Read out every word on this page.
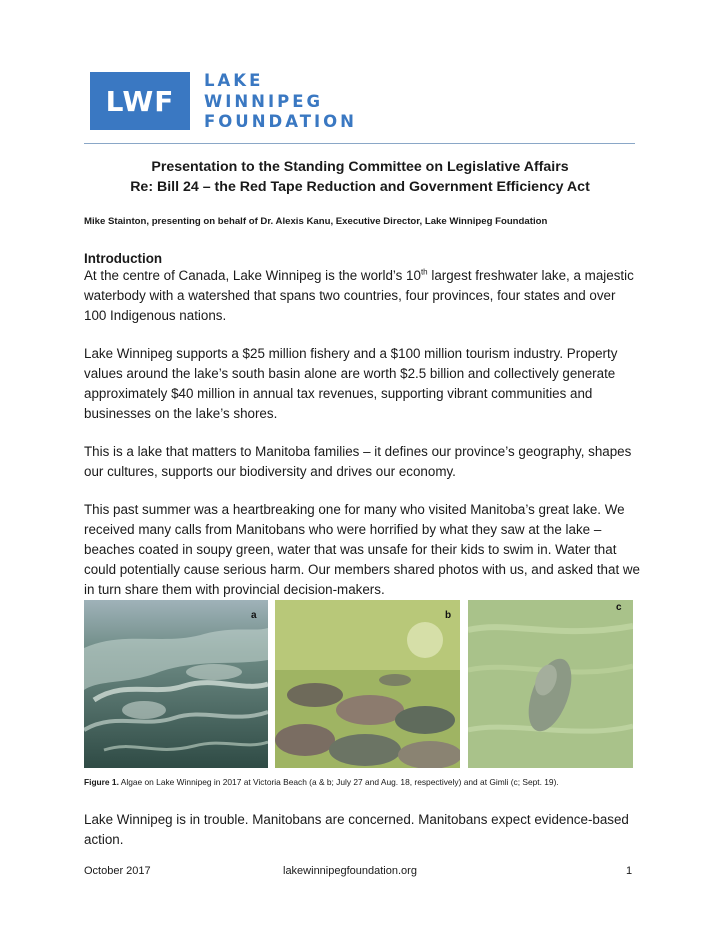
LWF
LAKE
WINNIPEG
FOUNDATION
Presentation to the Standing Committee on Legislative Affairs
Re: Bill 24 – the Red Tape Reduction and Government Efficiency Act
Mike Stainton, presenting on behalf of Dr. Alexis Kanu, Executive Director, Lake Winnipeg Foundation
Introduction

At the centre of Canada, Lake Winnipeg is the world’s 10th largest freshwater lake, a majestic waterbody with a watershed that spans two countries, four provinces, four states and over 100 Indigenous nations.

Lake Winnipeg supports a $25 million fishery and a $100 million tourism industry. Property values around the lake’s south basin alone are worth $2.5 billion and collectively generate approximately $40 million in annual tax revenues, supporting vibrant communities and businesses on the lake’s shores.

This is a lake that matters to Manitoba families – it defines our province’s geography, shapes our cultures, supports our biodiversity and drives our economy.

This past summer was a heartbreaking one for many who visited Manitoba’s great lake. We received many calls from Manitobans who were horrified by what they saw at the lake – beaches coated in soupy green, water that was unsafe for their kids to swim in. Water that could potentially cause serious harm. Our members shared photos with us, and asked that we in turn share them with provincial decision-makers.

a	b
c
Figure 1. Algae on Lake Winnipeg in 2017 at Victoria Beach (a & b; July 27 and Aug. 18, respectively) and at Gimli (c; Sept. 19).

Lake Winnipeg is in trouble. Manitobans are concerned. Manitobans expect evidence-based action.

October 2017	lakewinnipegfoundation.org	1
